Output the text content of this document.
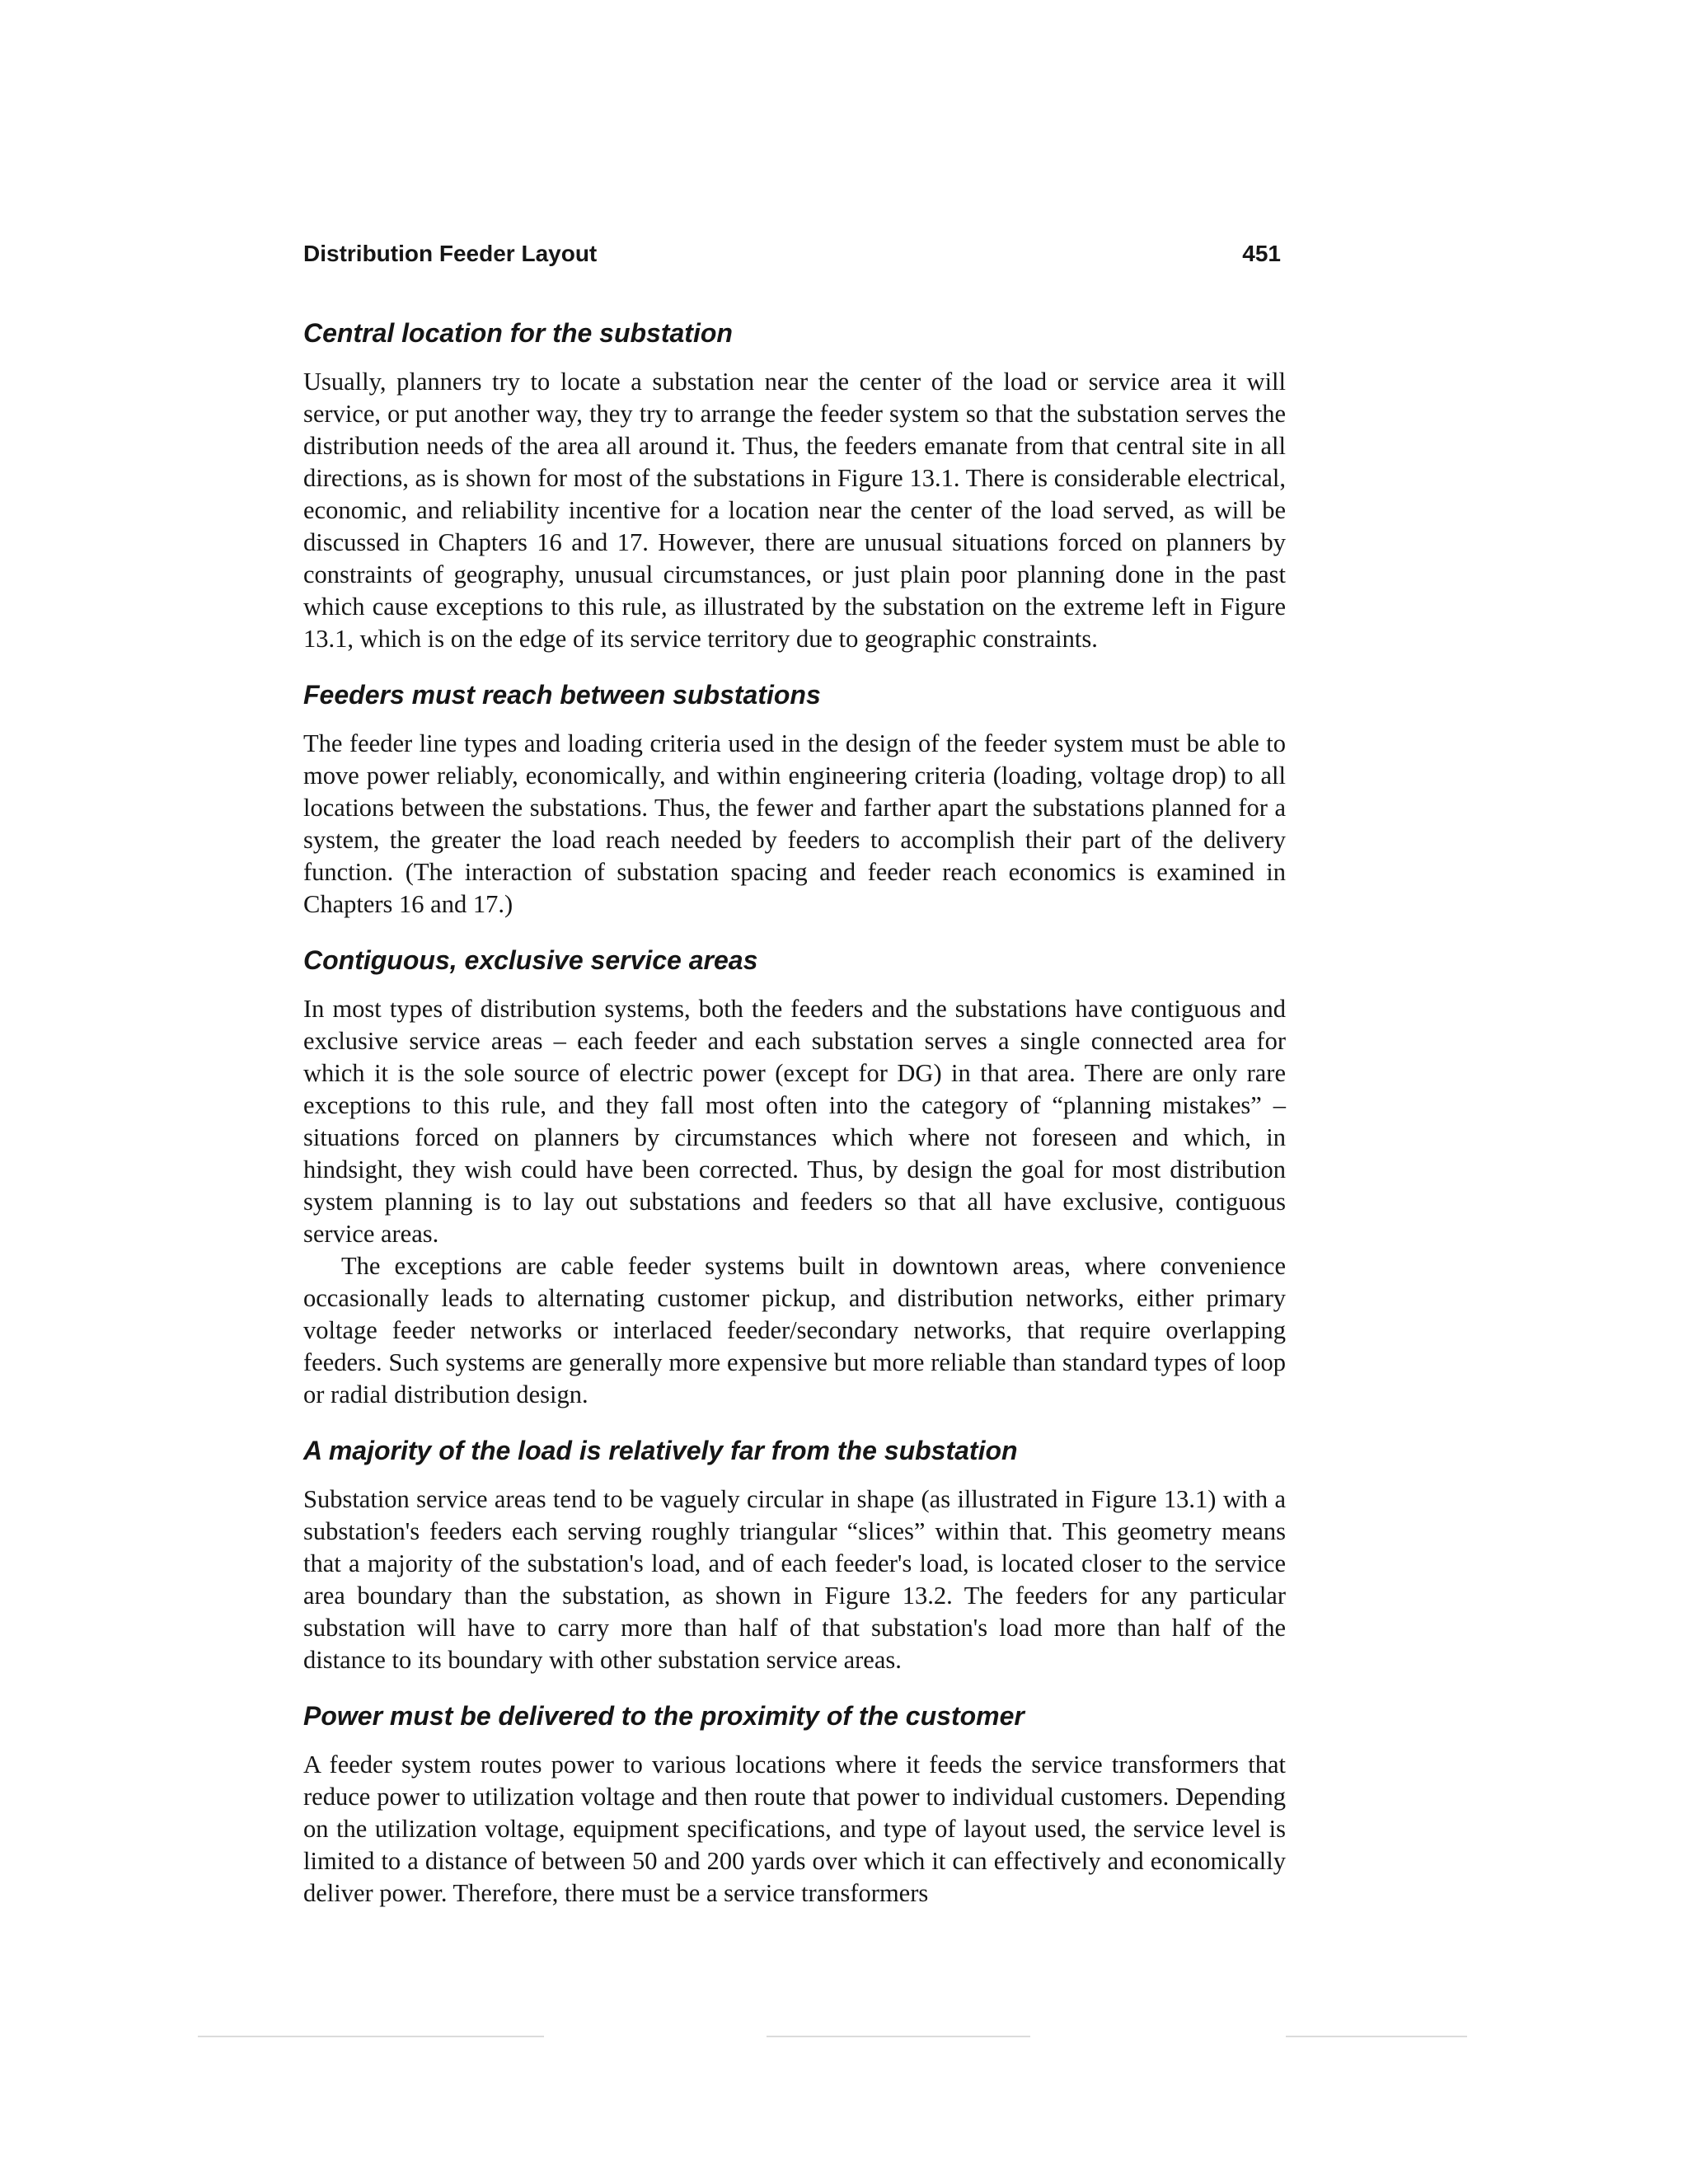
Distribution Feeder Layout	451
Central location for the substation

Usually, planners try to locate a substation near the center of the load or service area it will service, or put another way, they try to arrange the feeder system so that the substation serves the distribution needs of the area all around it. Thus, the feeders emanate from that central site in all directions, as is shown for most of the substations in Figure 13.1. There is considerable electrical, economic, and reliability incentive for a location near the center of the load served, as will be discussed in Chapters 16 and 17. However, there are unusual situations forced on planners by constraints of geography, unusual circumstances, or just plain poor planning done in the past which cause exceptions to this rule, as illustrated by the substation on the extreme left in Figure 13.1, which is on the edge of its service territory due to geographic constraints.

Feeders must reach between substations

The feeder line types and loading criteria used in the design of the feeder system must be able to move power reliably, economically, and within engineering criteria (loading, voltage drop) to all locations between the substations. Thus, the fewer and farther apart the substations planned for a system, the greater the load reach needed by feeders to accomplish their part of the delivery function. (The interaction of substation spacing and feeder reach economics is examined in Chapters 16 and 17.)

Contiguous, exclusive service areas

In most types of distribution systems, both the feeders and the substations have contiguous and exclusive service areas – each feeder and each substation serves a single connected area for which it is the sole source of electric power (except for DG) in that area. There are only rare exceptions to this rule, and they fall most often into the category of “planning mistakes” – situations forced on planners by circumstances which where not foreseen and which, in hindsight, they wish could have been corrected. Thus, by design the goal for most distribution system planning is to lay out substations and feeders so that all have exclusive, contiguous service areas.

The exceptions are cable feeder systems built in downtown areas, where convenience occasionally leads to alternating customer pickup, and distribution networks, either primary voltage feeder networks or interlaced feeder/secondary networks, that require overlapping feeders. Such systems are generally more expensive but more reliable than standard types of loop or radial distribution design.

A majority of the load is relatively far from the substation

Substation service areas tend to be vaguely circular in shape (as illustrated in Figure 13.1) with a substation's feeders each serving roughly triangular “slices” within that. This geometry means that a majority of the substation's load, and of each feeder's load, is located closer to the service area boundary than the substation, as shown in Figure 13.2. The feeders for any particular substation will have to carry more than half of that substation's load more than half of the distance to its boundary with other substation service areas.

Power must be delivered to the proximity of the customer

A feeder system routes power to various locations where it feeds the service transformers that reduce power to utilization voltage and then route that power to individual customers. Depending on the utilization voltage, equipment specifications, and type of layout used, the service level is limited to a distance of between 50 and 200 yards over which it can effectively and economically deliver power. Therefore, there must be a service transformers
